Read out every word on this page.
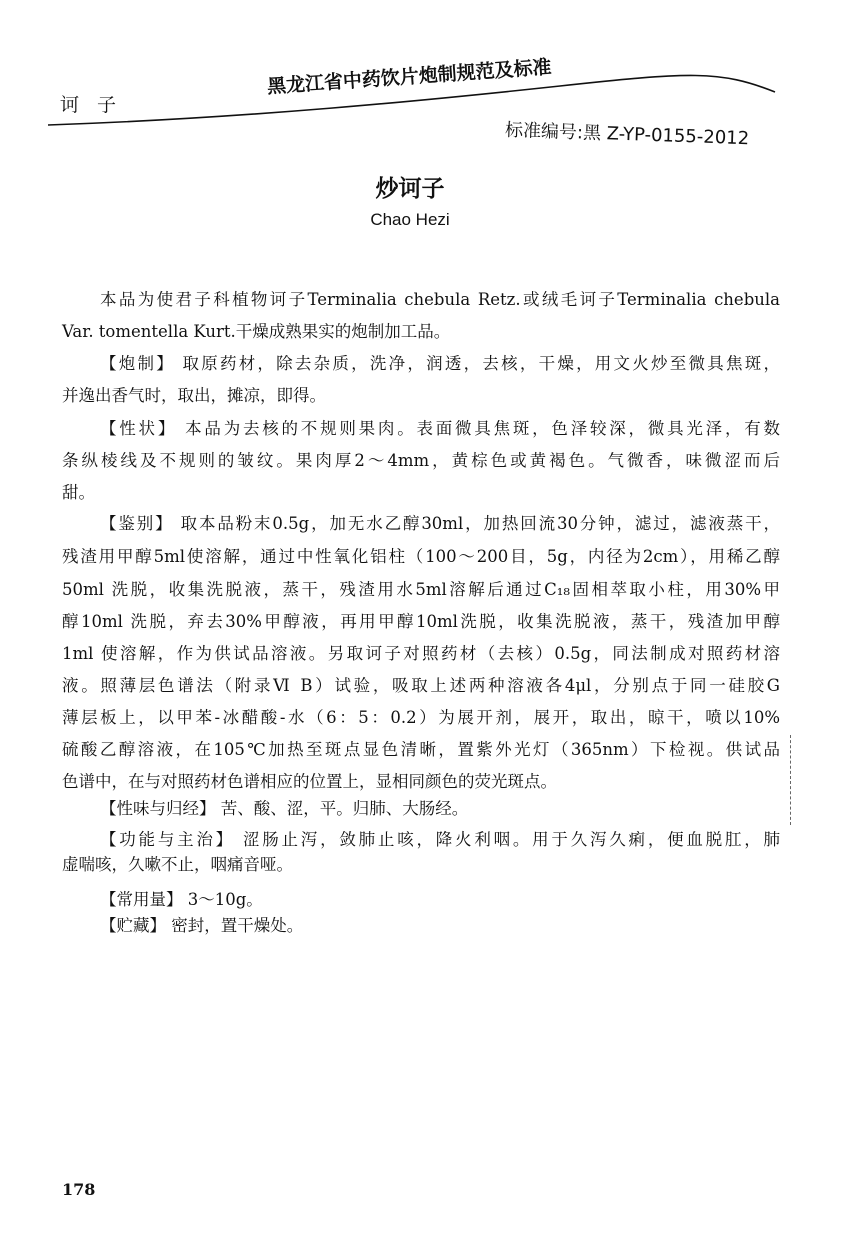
诃 子
黑龙江省中药饮片炮制规范及标准
标准编号:黑 Z-YP-0155-2012
炒诃子
Chao Hezi
本品为使君子科植物诃子Terminalia chebula Retz.或绒毛诃子Terminalia chebula
Var. tomentella Kurt.干燥成熟果实的炮制加工品。
【炮制】 取原药材，除去杂质，洗净，润透，去核，干燥，用文火炒至微具焦斑，
并逸出香气时，取出，摊凉，即得。
【性状】 本品为去核的不规则果肉。表面微具焦斑，色泽较深，微具光泽，有数
条纵棱线及不规则的皱纹。果肉厚2～4mm，黄棕色或黄褐色。气微香，味微涩而后
甜。
【鉴别】 取本品粉末0.5g，加无水乙醇30ml，加热回流30分钟，滤过，滤液蒸干，
残渣用甲醇5ml使溶解，通过中性氧化铝柱（100～200目，5g，内径为2cm），用稀乙醇
50ml 洗脱，收集洗脱液，蒸干，残渣用水5ml溶解后通过C₁₈固相萃取小柱，用30%甲
醇10ml 洗脱，弃去30%甲醇液，再用甲醇10ml洗脱，收集洗脱液，蒸干，残渣加甲醇
1ml 使溶解，作为供试品溶液。另取诃子对照药材（去核）0.5g，同法制成对照药材溶
液。照薄层色谱法（附录Ⅵ B）试验，吸取上述两种溶液各4μl，分别点于同一硅胶G
薄层板上，以甲苯-冰醋酸-水（6：5：0.2）为展开剂，展开，取出，晾干，喷以10%
硫酸乙醇溶液，在105℃加热至斑点显色清晰，置紫外光灯（365nm）下检视。供试品
色谱中，在与对照药材色谱相应的位置上，显相同颜色的荧光斑点。
【性味与归经】 苦、酸、涩，平。归肺、大肠经。
【功能与主治】 涩肠止泻，敛肺止咳，降火利咽。用于久泻久痢，便血脱肛，肺
虚喘咳，久嗽不止，咽痛音哑。
【常用量】 3～10g。
【贮藏】 密封，置干燥处。
178
